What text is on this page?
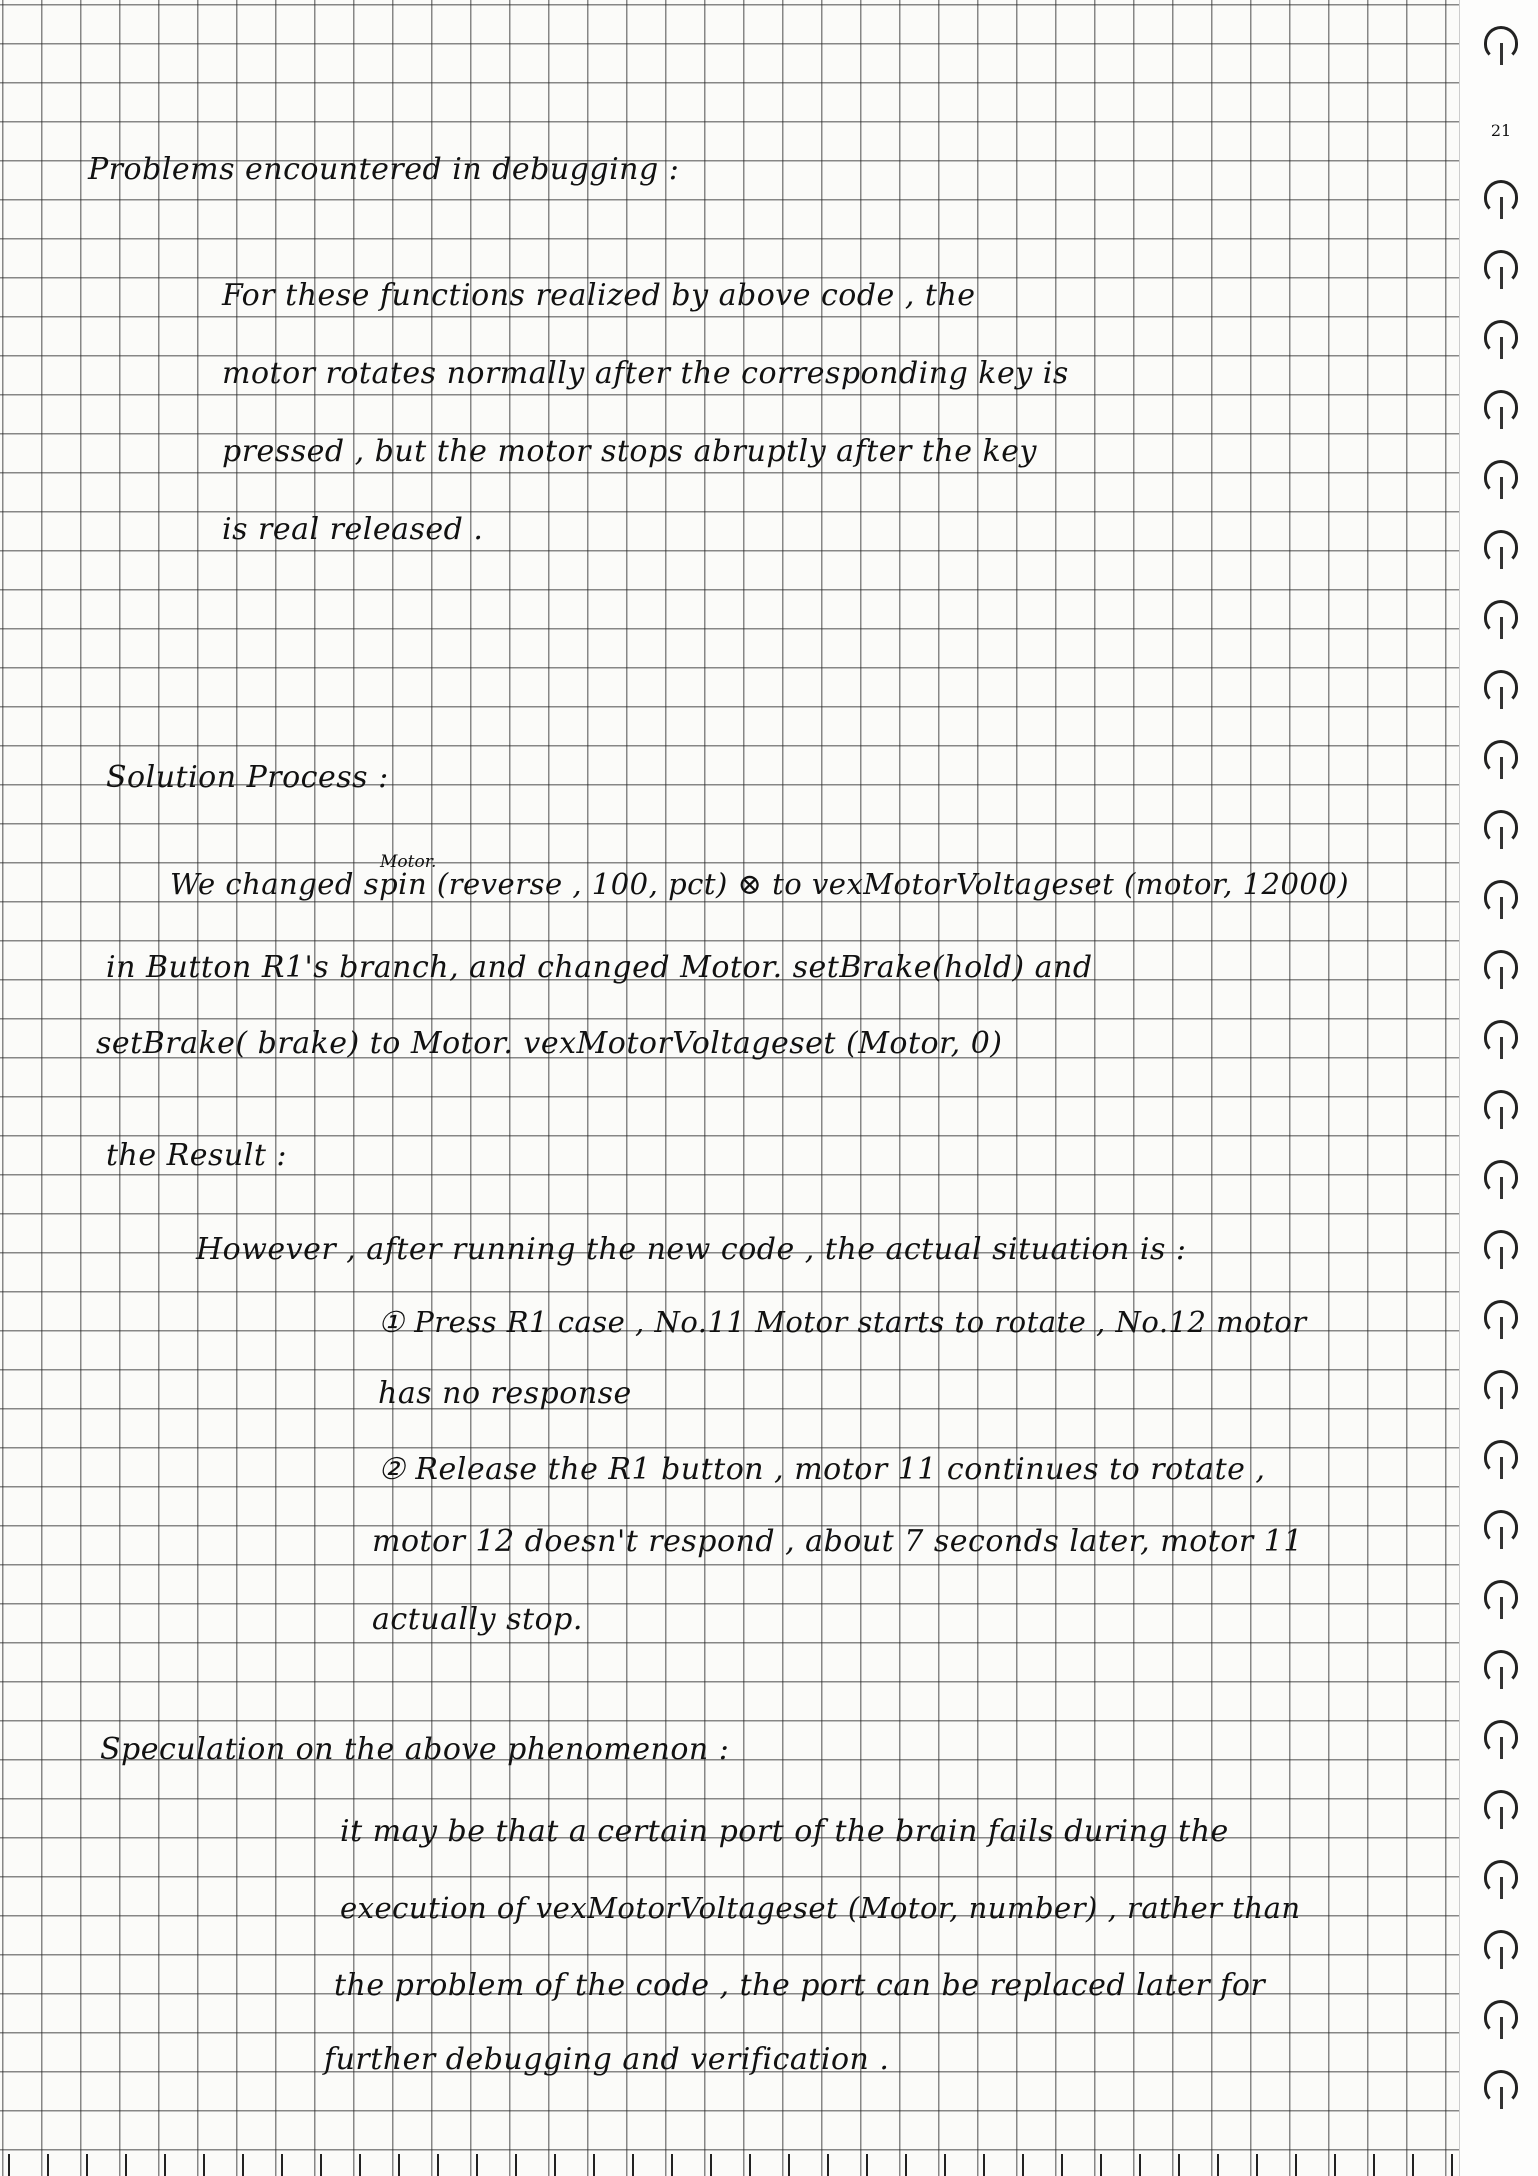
21
Problems encountered in debugging :
For these functions realized by above code , the
motor rotates normally after the corresponding key is
pressed , but the motor stops abruptly after the key
is real released .
Solution Process :
Motor.
We changed spin (reverse , 100, pct) ⊗ to vexMotorVoltageset (motor, 12000)
in Button R1's branch, and changed Motor. setBrake(hold) and
setBrake( brake) to Motor. vexMotorVoltageset (Motor, 0)
the Result :
However , after running the new code , the actual situation is :
① Press R1 case , No.11 Motor starts to rotate , No.12 motor
has no response
② Release the R1 button , motor 11 continues to rotate ,
motor 12 doesn't respond , about 7 seconds later, motor 11
actually stop.
Speculation on the above phenomenon :
it may be that a certain port of the brain fails during the
execution of vexMotorVoltageset (Motor, number) , rather than
the problem of the code , the port can be replaced later for
further debugging and verification .
